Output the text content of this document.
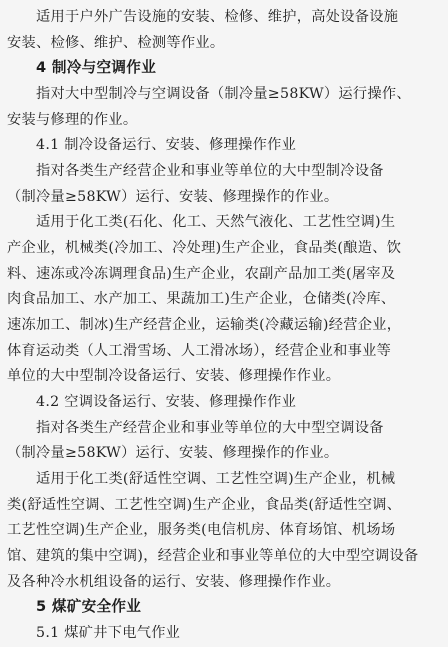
适用于户外广告设施的安装、检修、维护，高处设备设施
安装、检修、维护、检测等作业。
4 制冷与空调作业
指对大中型制冷与空调设备（制冷量≥58KW）运行操作、
安装与修理的作业。
4.1 制冷设备运行、安装、修理操作作业
指对各类生产经营企业和事业等单位的大中型制冷设备
（制冷量≥58KW）运行、安装、修理操作的作业。
适用于化工类(石化、化工、天然气液化、工艺性空调)生
产企业，机械类(冷加工、冷处理)生产企业，食品类(酿造、饮
料、速冻或冷冻调理食品)生产企业，农副产品加工类(屠宰及
肉食品加工、水产加工、果蔬加工)生产企业，仓储类(冷库、
速冻加工、制冰)生产经营企业，运输类(冷藏运输)经营企业，
体育运动类（人工滑雪场、人工滑冰场），经营企业和事业等
单位的大中型制冷设备运行、安装、修理操作作业。
4.2 空调设备运行、安装、修理操作作业
指对各类生产经营企业和事业等单位的大中型空调设备
（制冷量≥58KW）运行、安装、修理操作的作业。
适用于化工类(舒适性空调、工艺性空调)生产企业，机械
类(舒适性空调、工艺性空调)生产企业，食品类(舒适性空调、
工艺性空调)生产企业，服务类(电信机房、体育场馆、机场场
馆、建筑的集中空调)，经营企业和事业等单位的大中型空调设备
及各种冷水机组设备的运行、安装、修理操作作业。
5 煤矿安全作业
5.1 煤矿井下电气作业
